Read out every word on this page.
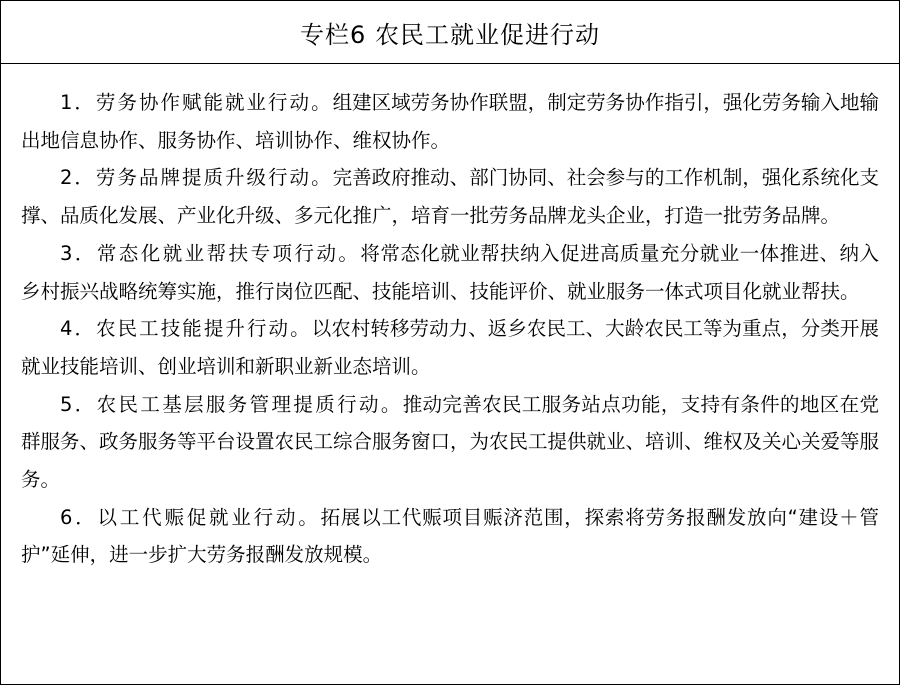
专栏6 农民工就业促进行动

1．劳务协作赋能就业行动。组建区域劳务协作联盟，制定劳务协作指引，强化劳务输入地输出地信息协作、服务协作、培训协作、维权协作。

2．劳务品牌提质升级行动。完善政府推动、部门协同、社会参与的工作机制，强化系统化支撑、品质化发展、产业化升级、多元化推广，培育一批劳务品牌龙头企业，打造一批劳务品牌。

3．常态化就业帮扶专项行动。将常态化就业帮扶纳入促进高质量充分就业一体推进、纳入乡村振兴战略统筹实施，推行岗位匹配、技能培训、技能评价、就业服务一体式项目化就业帮扶。

4．农民工技能提升行动。以农村转移劳动力、返乡农民工、大龄农民工等为重点，分类开展就业技能培训、创业培训和新职业新业态培训。

5．农民工基层服务管理提质行动。推动完善农民工服务站点功能，支持有条件的地区在党群服务、政务服务等平台设置农民工综合服务窗口，为农民工提供就业、培训、维权及关心关爱等服务。

6．以工代赈促就业行动。拓展以工代赈项目赈济范围，探索将劳务报酬发放向“建设＋管护”延伸，进一步扩大劳务报酬发放规模。
